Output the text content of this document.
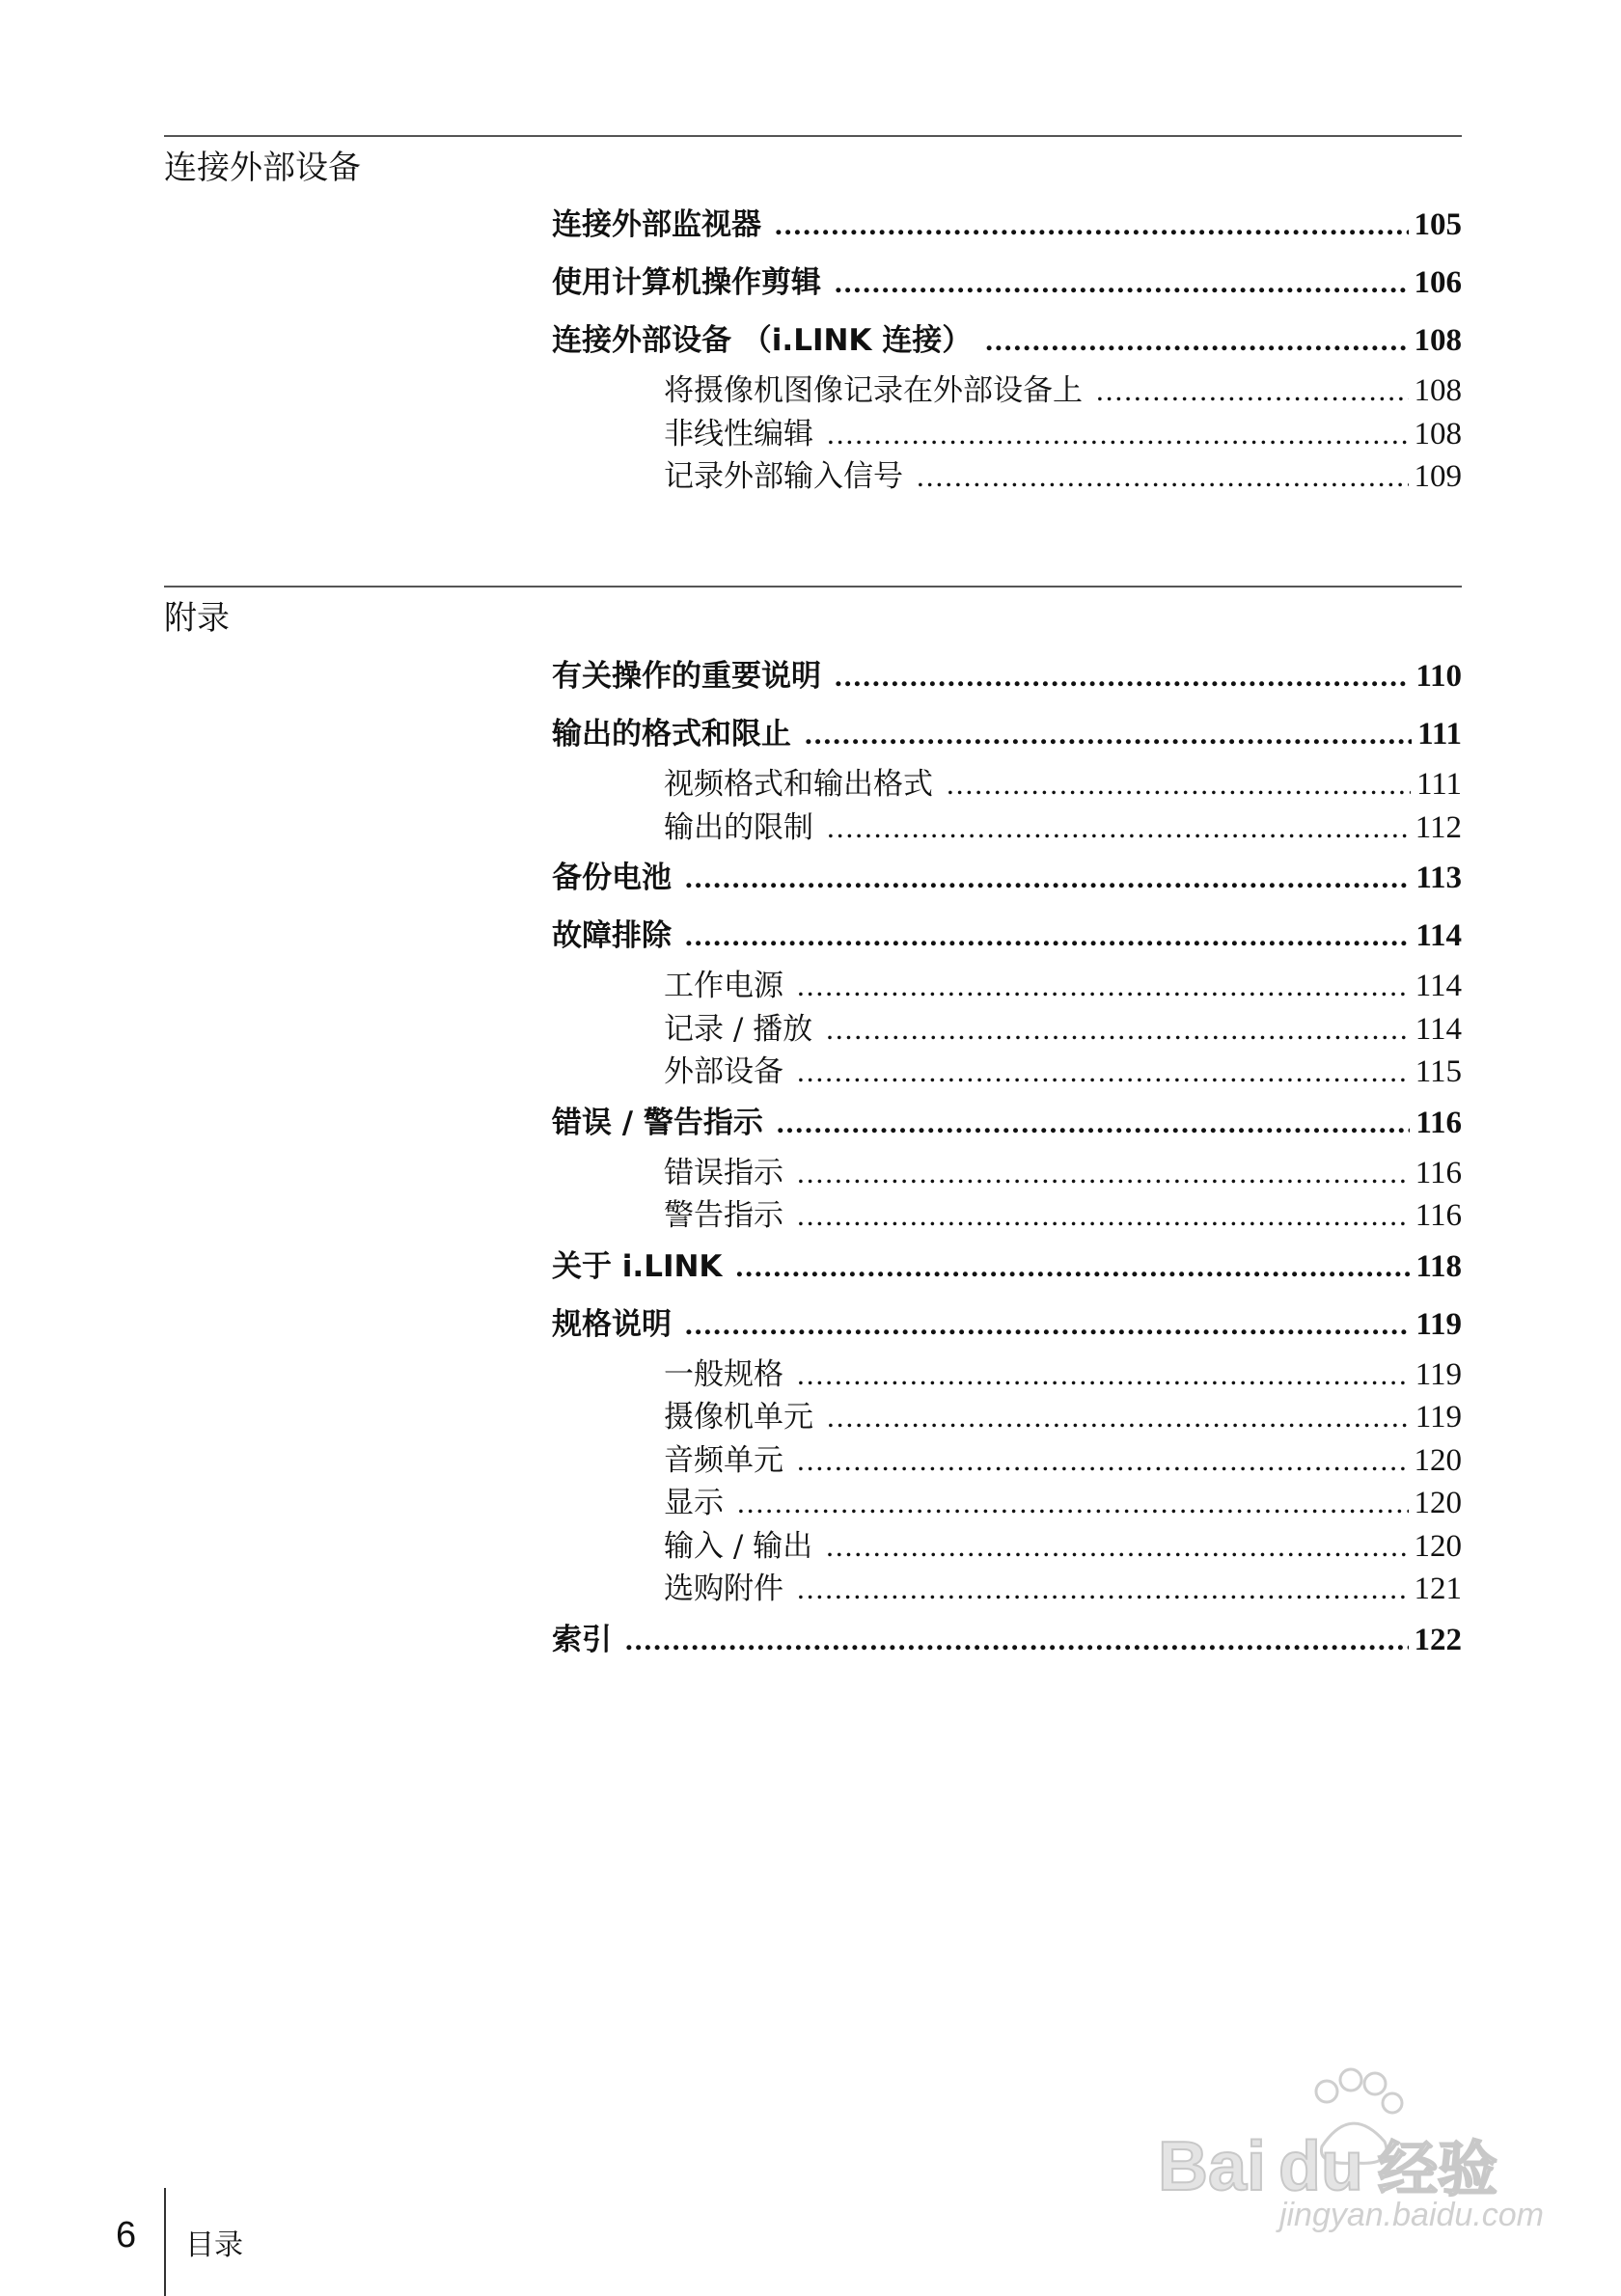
连接外部设备
连接外部监视器 .....	105
使用计算机操作剪辑 .....	106
连接外部设备 （i.LINK 连接） .....	108
将摄像机图像记录在外部设备上 .....	108
非线性编辑 .....	108
记录外部输入信号 .....	109
附录
有关操作的重要说明 .....	110
输出的格式和限止 .....	111
视频格式和输出格式 .....	111
输出的限制 .....	112
备份电池 .....	113
故障排除 .....	114
工作电源 .....	114
记录 / 播放 .....	114
外部设备 .....	115
错误 / 警告指示 .....	116
错误指示 .....	116
警告指示 .....	116
关于 i.LINK .....	118
规格说明 .....	119
一般规格 .....	119
摄像机单元 .....	119
音频单元 .....	120
显示 .....	120
输入 / 输出 .....	120
选购附件 .....	121
索引 .....	122
6 目录
Bai du 经验
jingyan.baidu.com
